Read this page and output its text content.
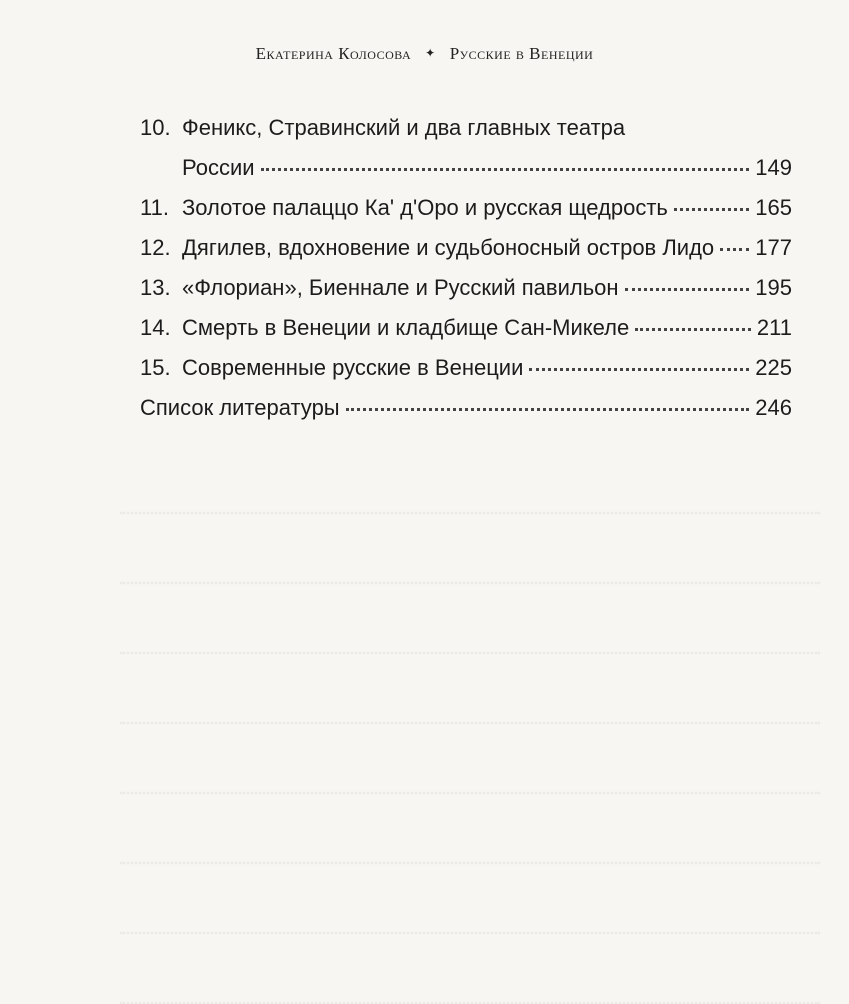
Екатерина Колосова ✦ Русские в Венеции
10. Феникс, Стравинский и два главных театра
России	149
11. Золотое палаццо Ка' д'Оро и русская щедрость	165
12. Дягилев, вдохновение и судьбоносный остров Лидо 177
13. «Флориан», Биеннале и Русский павильон	195
14. Смерть в Венеции и кладбище Сан-Микеле	211
15. Современные русские в Венеции	225
Список литературы	246
